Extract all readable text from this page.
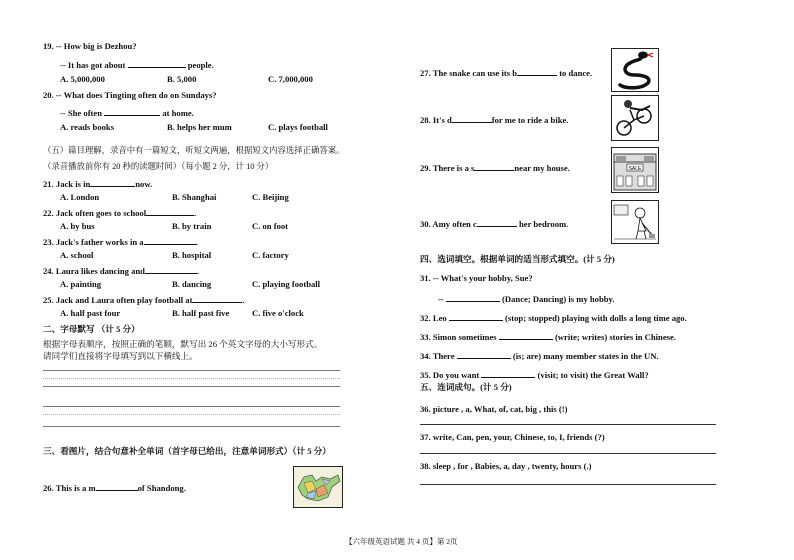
19. -- How big is Dezhou?
-- It has got about	people.
A. 5,000,000	B. 5,000	C. 7,000,000
20. -- What does Tingting often do on Sundays?
-- She often	at home.
A. reads books	B. helps her mum	C. plays football
（五）篇目理解，录音中有一篇短文，听短文两遍，根据短文内容选择正确答案。
（录音播放前你有 20 秒的读题时间）（每小题 2 分，计 10 分）
21. Jack is in	now.
A. London	B. Shanghai	C. Beijing
22. Jack often goes to school	.
A. by bus	B. by train	C. on foot
23. Jack's father works in a	.
A. school	B. hospital	C. factory
24. Laura likes dancing and	.
A. painting	B. dancing	C. playing football
25. Jack and Laura often play football at	.
A. half past four	B. half past five	C. five o'clock
二、字母默写 （计 5 分）
根据字母表顺序，按照正确的笔顺，默写出 26 个英文字母的大小写形式。
请同学们直接将字母填写到以下横线上。
三、看图片，结合句意补全单词（首字母已给出，注意单词形式）（计 5 分）
26. This is a m	of Shandong.
27. The snake can use its b	to dance.
28. It's d	for me to ride a bike.
29. There is a s	near my house.	SALE
30. Amy often c	her bedroom.
四、选词填空。根据单词的适当形式填空。(计 5 分)
31. -- What's your hobby, Sue?
--	(Dance; Dancing) is my hobby.
32. Leo	(stop; stopped) playing with dolls a long time ago.
33. Simon sometimes	(write; writes) stories in Chinese.
34. There	(is; are) many member states in the UN.
35. Do you want	(visit; to visit) the Great Wall?
五、连词成句。(计 5 分)
36. picture , a, What, of, cat, big , this (!)
37. write, Can, pen, your, Chinese, to, I, friends (?)
38. sleep , for , Babies, a, day , twenty, hours (.)
【六年级英语试题 共 4 页】第 2页
